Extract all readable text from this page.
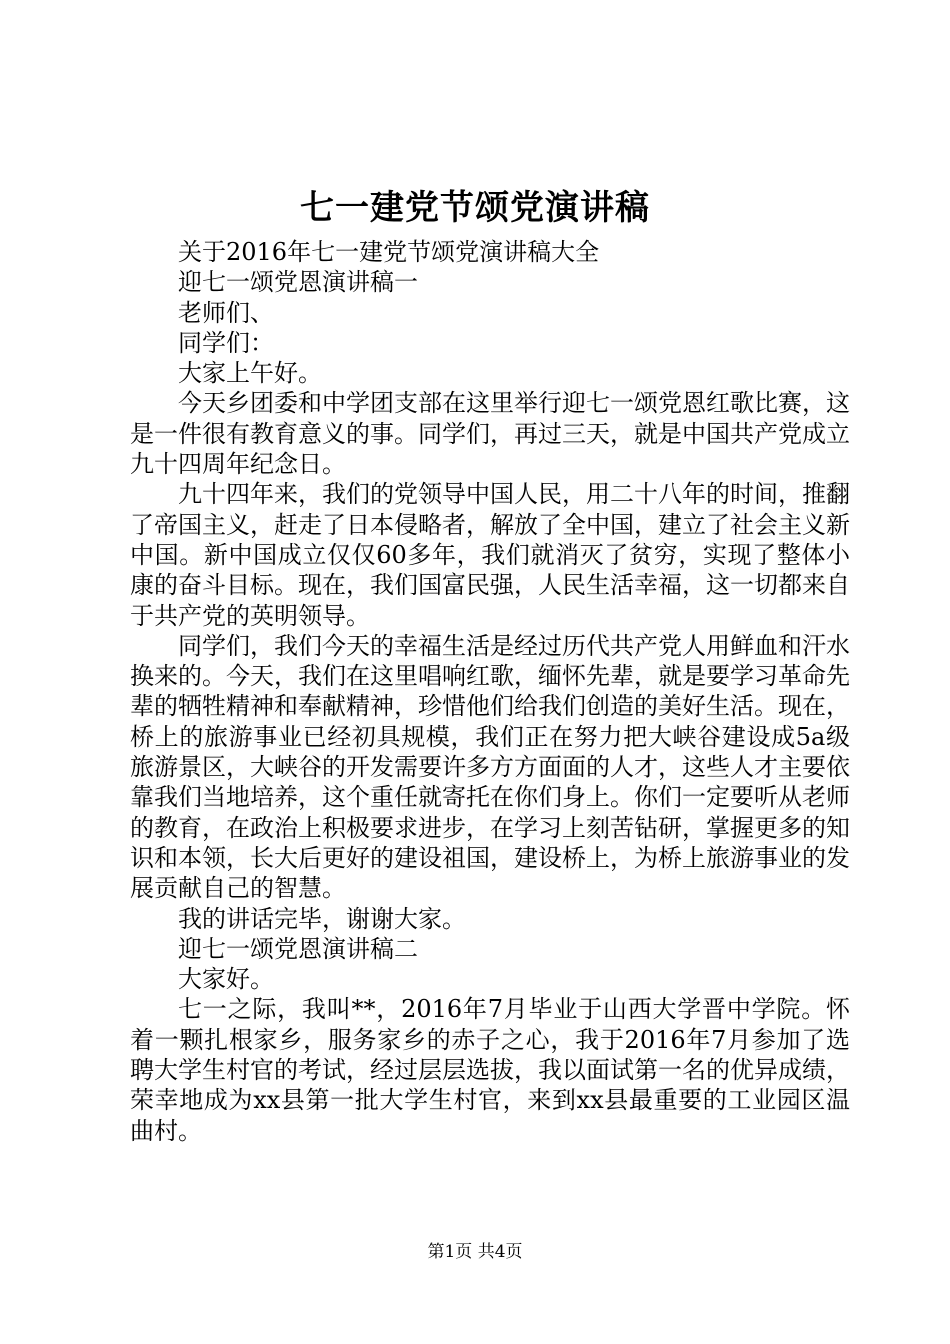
七一建党节颂党演讲稿

关于2016年七一建党节颂党演讲稿大全

迎七一颂党恩演讲稿一

老师们、

同学们：

大家上午好。

今天乡团委和中学团支部在这里举行迎七一颂党恩红歌比赛，这是一件很有教育意义的事。同学们，再过三天，就是中国共产党成立九十四周年纪念日。

九十四年来，我们的党领导中国人民，用二十八年的时间，推翻了帝国主义，赶走了日本侵略者，解放了全中国，建立了社会主义新中国。新中国成立仅仅60多年，我们就消灭了贫穷，实现了整体小康的奋斗目标。现在，我们国富民强，人民生活幸福，这一切都来自于共产党的英明领导。

同学们，我们今天的幸福生活是经过历代共产党人用鲜血和汗水换来的。今天，我们在这里唱响红歌，缅怀先辈，就是要学习革命先辈的牺牲精神和奉献精神，珍惜他们给我们创造的美好生活。现在，桥上的旅游事业已经初具规模，我们正在努力把大峡谷建设成5a级旅游景区，大峡谷的开发需要许多方方面面的人才，这些人才主要依靠我们当地培养，这个重任就寄托在你们身上。你们一定要听从老师的教育，在政治上积极要求进步，在学习上刻苦钻研，掌握更多的知识和本领，长大后更好的建设祖国，建设桥上，为桥上旅游事业的发展贡献自己的智慧。

我的讲话完毕，谢谢大家。

迎七一颂党恩演讲稿二

大家好。

七一之际，我叫**，2016年7月毕业于山西大学晋中学院。怀着一颗扎根家乡，服务家乡的赤子之心，我于2016年7月参加了选聘大学生村官的考试，经过层层选拔，我以面试第一名的优异成绩，荣幸地成为xx县第一批大学生村官，来到xx县最重要的工业园区温曲村。

第1页 共4页
